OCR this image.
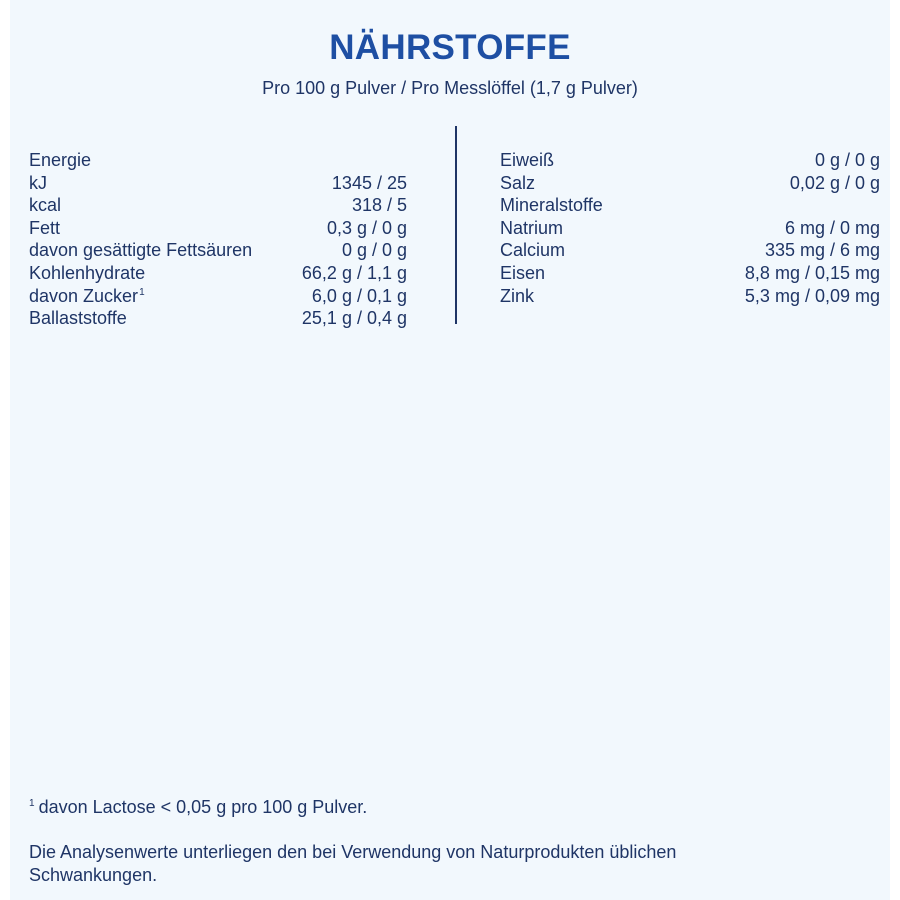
NÄHRSTOFFE
Pro 100 g Pulver / Pro Messlöffel (1,7 g Pulver)
Energie
kJ	1345 / 25
kcal	318 / 5
Fett	0,3 g / 0 g
davon gesättigte Fettsäuren	0 g / 0 g
Kohlenhydrate	66,2 g / 1,1 g
davon Zucker$^1$	6,0 g / 0,1 g
Ballaststoffe	25,1 g / 0,4 g
Eiweiß	0 g / 0 g
Salz	0,02 g / 0 g
Mineralstoffe
Natrium	6 mg / 0 mg
Calcium	335 mg / 6 mg
Eisen	8,8 mg / 0,15 mg
Zink	5,3 mg / 0,09 mg
$^1$ davon Lactose < 0,05 g pro 100 g Pulver.
Die Analysenwerte unterliegen den bei Verwendung von Naturprodukten üblichen Schwankungen.
